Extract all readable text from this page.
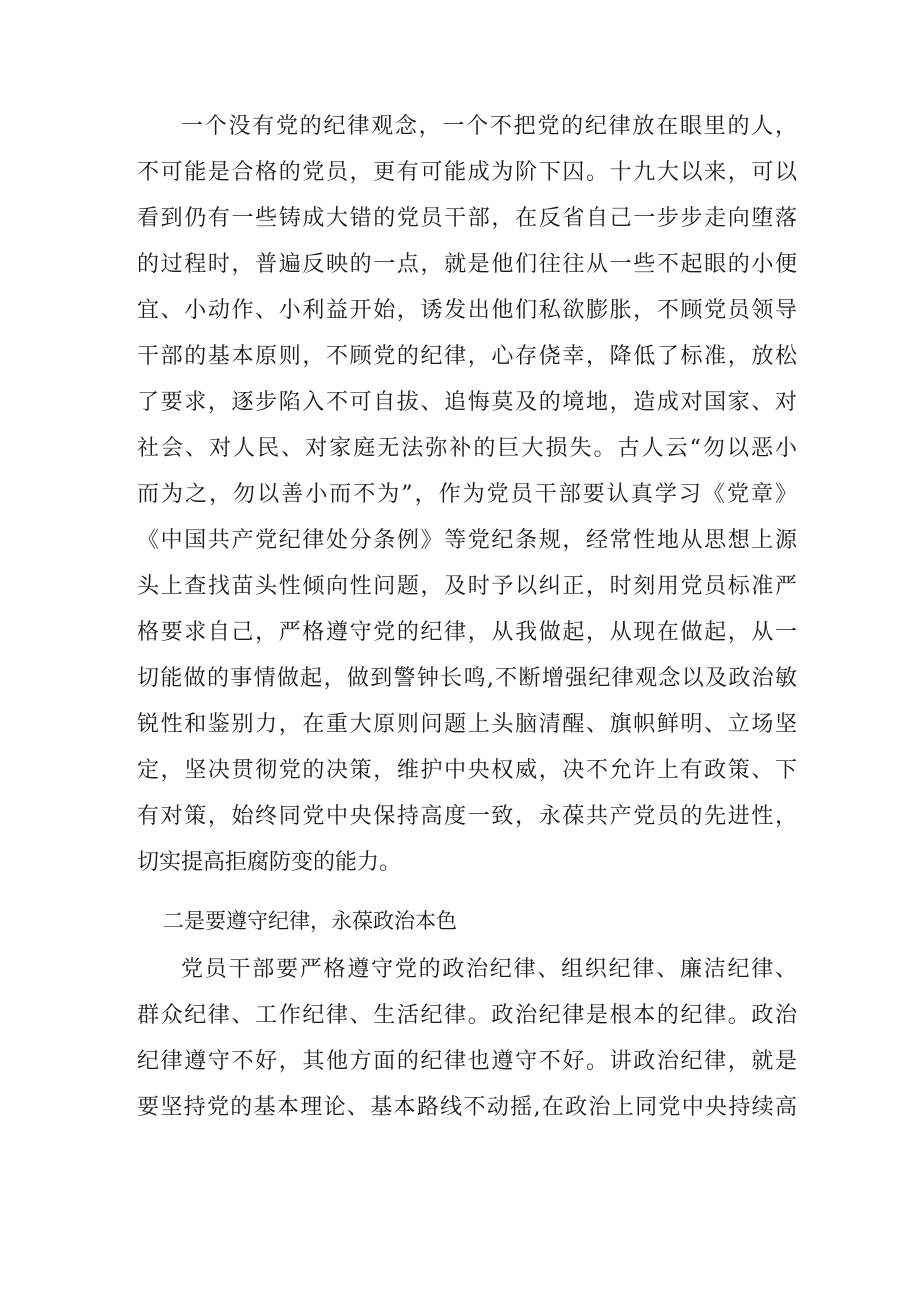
一个没有党的纪律观念，一个不把党的纪律放在眼里的人，
不可能是合格的党员，更有可能成为阶下囚。十九大以来，可以
看到仍有一些铸成大错的党员干部，在反省自己一步步走向堕落
的过程时，普遍反映的一点，就是他们往往从一些不起眼的小便
宜、小动作、小利益开始，诱发出他们私欲膨胀，不顾党员领导
干部的基本原则，不顾党的纪律，心存侥幸，降低了标准，放松
了要求，逐步陷入不可自拔、追悔莫及的境地，造成对国家、对
社会、对人民、对家庭无法弥补的巨大损失。古人云“勿以恶小
而为之，勿以善小而不为”，作为党员干部要认真学习《党章》
《中国共产党纪律处分条例》等党纪条规，经常性地从思想上源
头上查找苗头性倾向性问题，及时予以纠正，时刻用党员标准严
格要求自己，严格遵守党的纪律，从我做起，从现在做起，从一
切能做的事情做起，做到警钟长鸣,不断增强纪律观念以及政治敏
锐性和鉴别力，在重大原则问题上头脑清醒、旗帜鲜明、立场坚
定，坚决贯彻党的决策，维护中央权威，决不允许上有政策、下
有对策，始终同党中央保持高度一致，永葆共产党员的先进性，
切实提高拒腐防变的能力。
二是要遵守纪律，永葆政治本色
党员干部要严格遵守党的政治纪律、组织纪律、廉洁纪律、
群众纪律、工作纪律、生活纪律。政治纪律是根本的纪律。政治
纪律遵守不好，其他方面的纪律也遵守不好。讲政治纪律，就是
要坚持党的基本理论、基本路线不动摇,在政治上同党中央持续高
